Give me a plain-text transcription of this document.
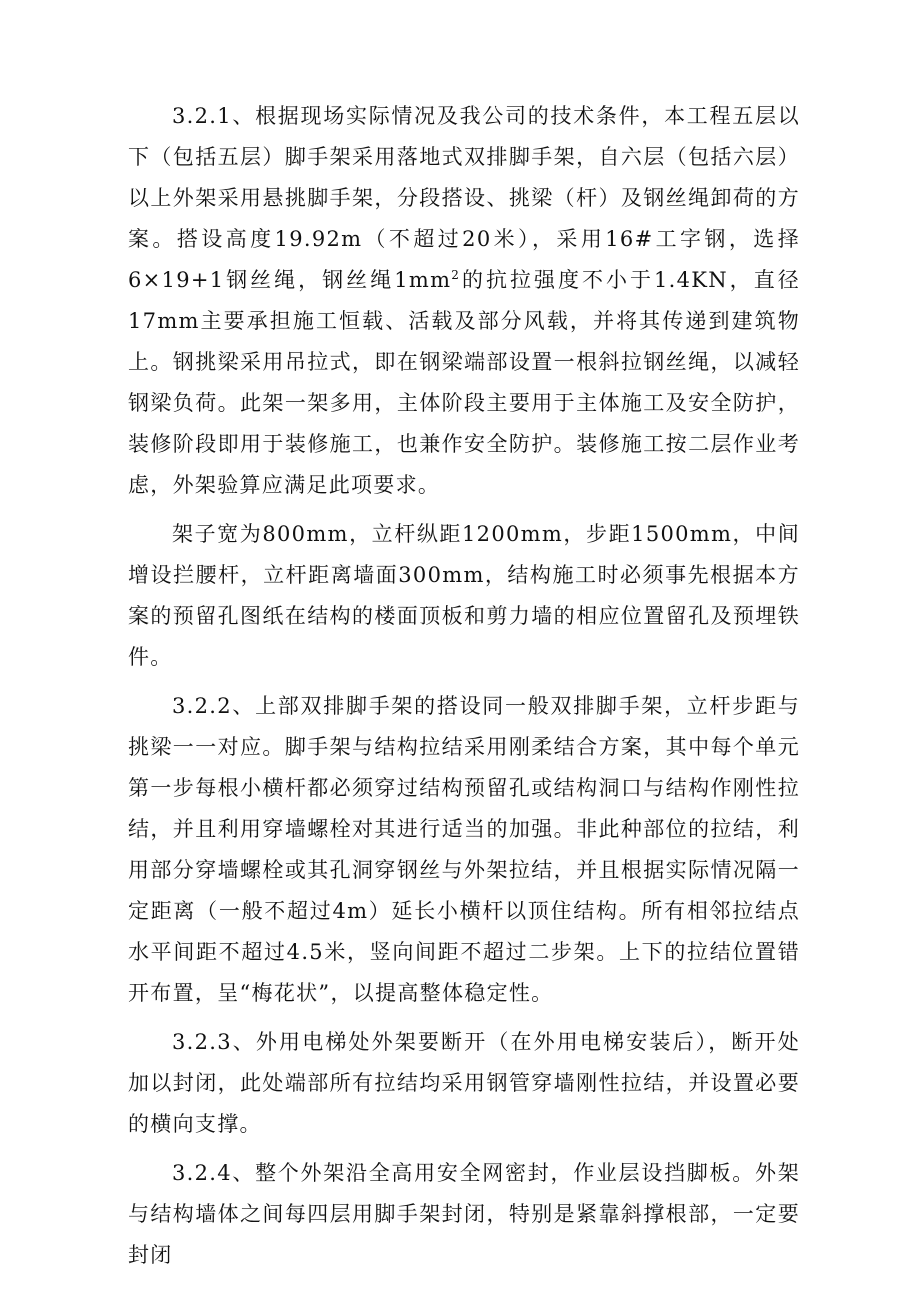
3.2.1、根据现场实际情况及我公司的技术条件，本工程五层以下（包括五层）脚手架采用落地式双排脚手架，自六层（包括六层）以上外架采用悬挑脚手架，分段搭设、挑梁（杆）及钢丝绳卸荷的方案。搭设高度19.92m（不超过20米），采用16#工字钢，选择6×19+1钢丝绳，钢丝绳$1mm^2$的抗拉强度不小于1.4KN，直径17mm主要承担施工恒载、活载及部分风载，并将其传递到建筑物上。钢挑梁采用吊拉式，即在钢梁端部设置一根斜拉钢丝绳，以减轻钢梁负荷。此架一架多用，主体阶段主要用于主体施工及安全防护，装修阶段即用于装修施工，也兼作安全防护。装修施工按二层作业考虑，外架验算应满足此项要求。

架子宽为800mm，立杆纵距1200mm，步距1500mm，中间增设拦腰杆，立杆距离墙面300mm，结构施工时必须事先根据本方案的预留孔图纸在结构的楼面顶板和剪力墙的相应位置留孔及预埋铁件。

3.2.2、上部双排脚手架的搭设同一般双排脚手架，立杆步距与挑梁一一对应。脚手架与结构拉结采用刚柔结合方案，其中每个单元第一步每根小横杆都必须穿过结构预留孔或结构洞口与结构作刚性拉结，并且利用穿墙螺栓对其进行适当的加强。非此种部位的拉结，利用部分穿墙螺栓或其孔洞穿钢丝与外架拉结，并且根据实际情况隔一定距离（一般不超过4m）延长小横杆以顶住结构。所有相邻拉结点水平间距不超过4.5米，竖向间距不超过二步架。上下的拉结位置错开布置，呈“梅花状”，以提高整体稳定性。

3.2.3、外用电梯处外架要断开（在外用电梯安装后），断开处加以封闭，此处端部所有拉结均采用钢管穿墙刚性拉结，并设置必要的横向支撑。

3.2.4、整个外架沿全高用安全网密封，作业层设挡脚板。外架与结构墙体之间每四层用脚手架封闭，特别是紧靠斜撑根部，一定要封闭
